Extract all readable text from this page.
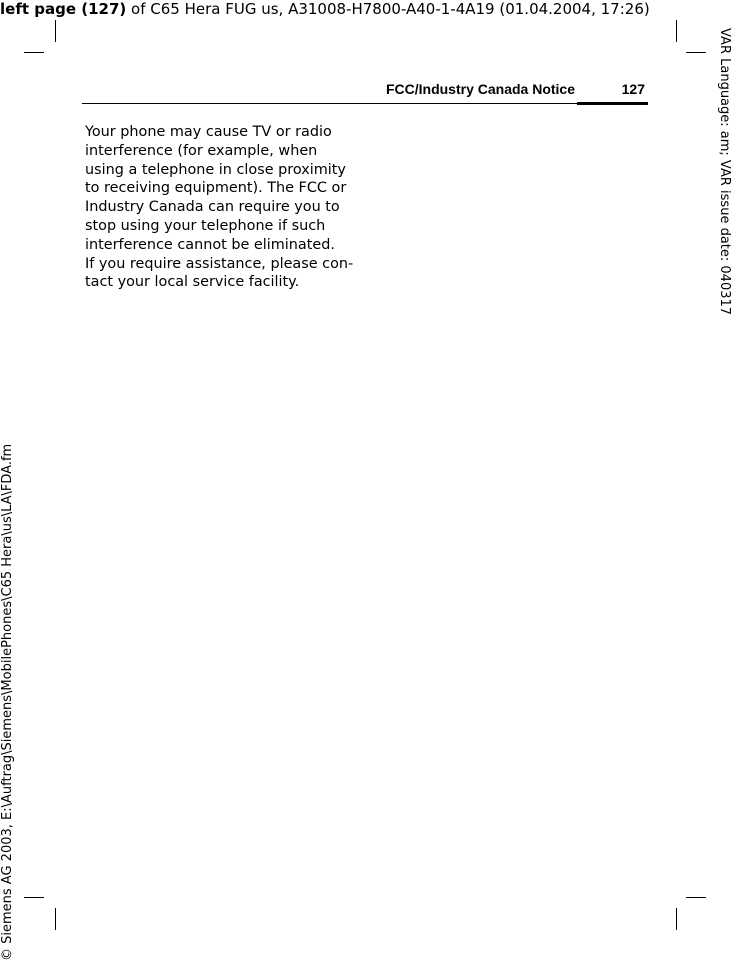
left page (127) of C65 Hera FUG us, A31008-H7800-A40-1-4A19 (01.04.2004, 17:26)
VAR Language: am; VAR issue date: 040317
© Siemens AG 2003, E:\Auftrag\Siemens\MobilePhones\C65 Hera\us\LA\FDA.fm
FCC/Industry Canada Notice	127
Your phone may cause TV or radio
interference (for example, when
using a telephone in close proximity
to receiving equipment). The FCC or
Industry Canada can require you to
stop using your telephone if such
interference cannot be eliminated.
If you require assistance, please con-
tact your local service facility.
